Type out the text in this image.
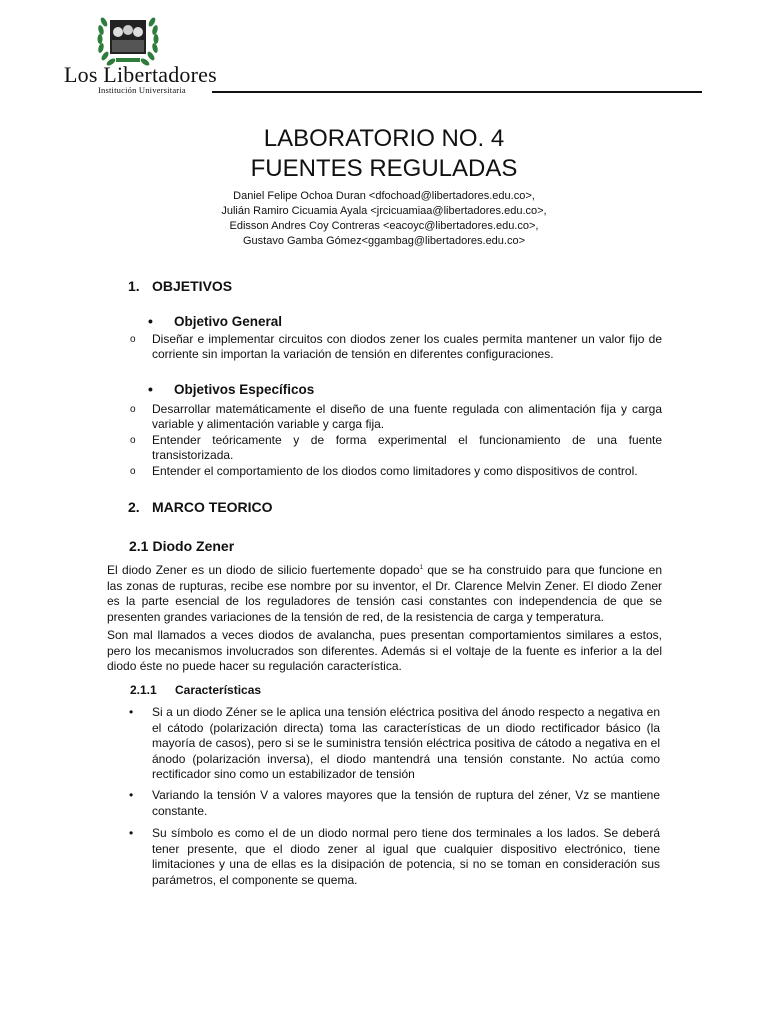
Los Libertadores
Institución Universitaria
LABORATORIO NO. 4
FUENTES REGULADAS
Daniel Felipe Ochoa Duran <dfochoad@libertadores.edu.co>,
Julián Ramiro Cicuamia Ayala <jrcicuamiaa@libertadores.edu.co>,
Edisson Andres Coy Contreras <eacoyc@libertadores.edu.co>,
Gustavo Gamba Gómez<ggambag@libertadores.edu.co>
1. OBJETIVOS
• Objetivo General
o Diseñar e implementar circuitos con diodos zener los cuales permita mantener un valor fijo de corriente sin importan la variación de tensión en diferentes configuraciones.
• Objetivos Específicos
o Desarrollar matemáticamente el diseño de una fuente regulada con alimentación fija y carga variable y alimentación variable y carga fija.
o Entender teóricamente y de forma experimental el funcionamiento de una fuente transistorizada.
o Entender el comportamiento de los diodos como limitadores y como dispositivos de control.
2. MARCO TEORICO
2.1 Diodo Zener
El diodo Zener es un diodo de silicio fuertemente dopado$^1$ que se ha construido para que funcione en las zonas de rupturas, recibe ese nombre por su inventor, el Dr. Clarence Melvin Zener. El diodo Zener es la parte esencial de los reguladores de tensión casi constantes con independencia de que se presenten grandes variaciones de la tensión de red, de la resistencia de carga y temperatura.
Son mal llamados a veces diodos de avalancha, pues presentan comportamientos similares a estos, pero los mecanismos involucrados son diferentes. Además si el voltaje de la fuente es inferior a la del diodo éste no puede hacer su regulación característica.
2.1.1 Características
• Si a un diodo Zéner se le aplica una tensión eléctrica positiva del ánodo respecto a negativa en el cátodo (polarización directa) toma las características de un diodo rectificador básico (la mayoría de casos), pero si se le suministra tensión eléctrica positiva de cátodo a negativa en el ánodo (polarización inversa), el diodo mantendrá una tensión constante. No actúa como rectificador sino como un estabilizador de tensión
• Variando la tensión V a valores mayores que la tensión de ruptura del zéner, Vz se mantiene constante.
• Su símbolo es como el de un diodo normal pero tiene dos terminales a los lados. Se deberá tener presente, que el diodo zener al igual que cualquier dispositivo electrónico, tiene limitaciones y una de ellas es la disipación de potencia, si no se toman en consideración sus parámetros, el componente se quema.
